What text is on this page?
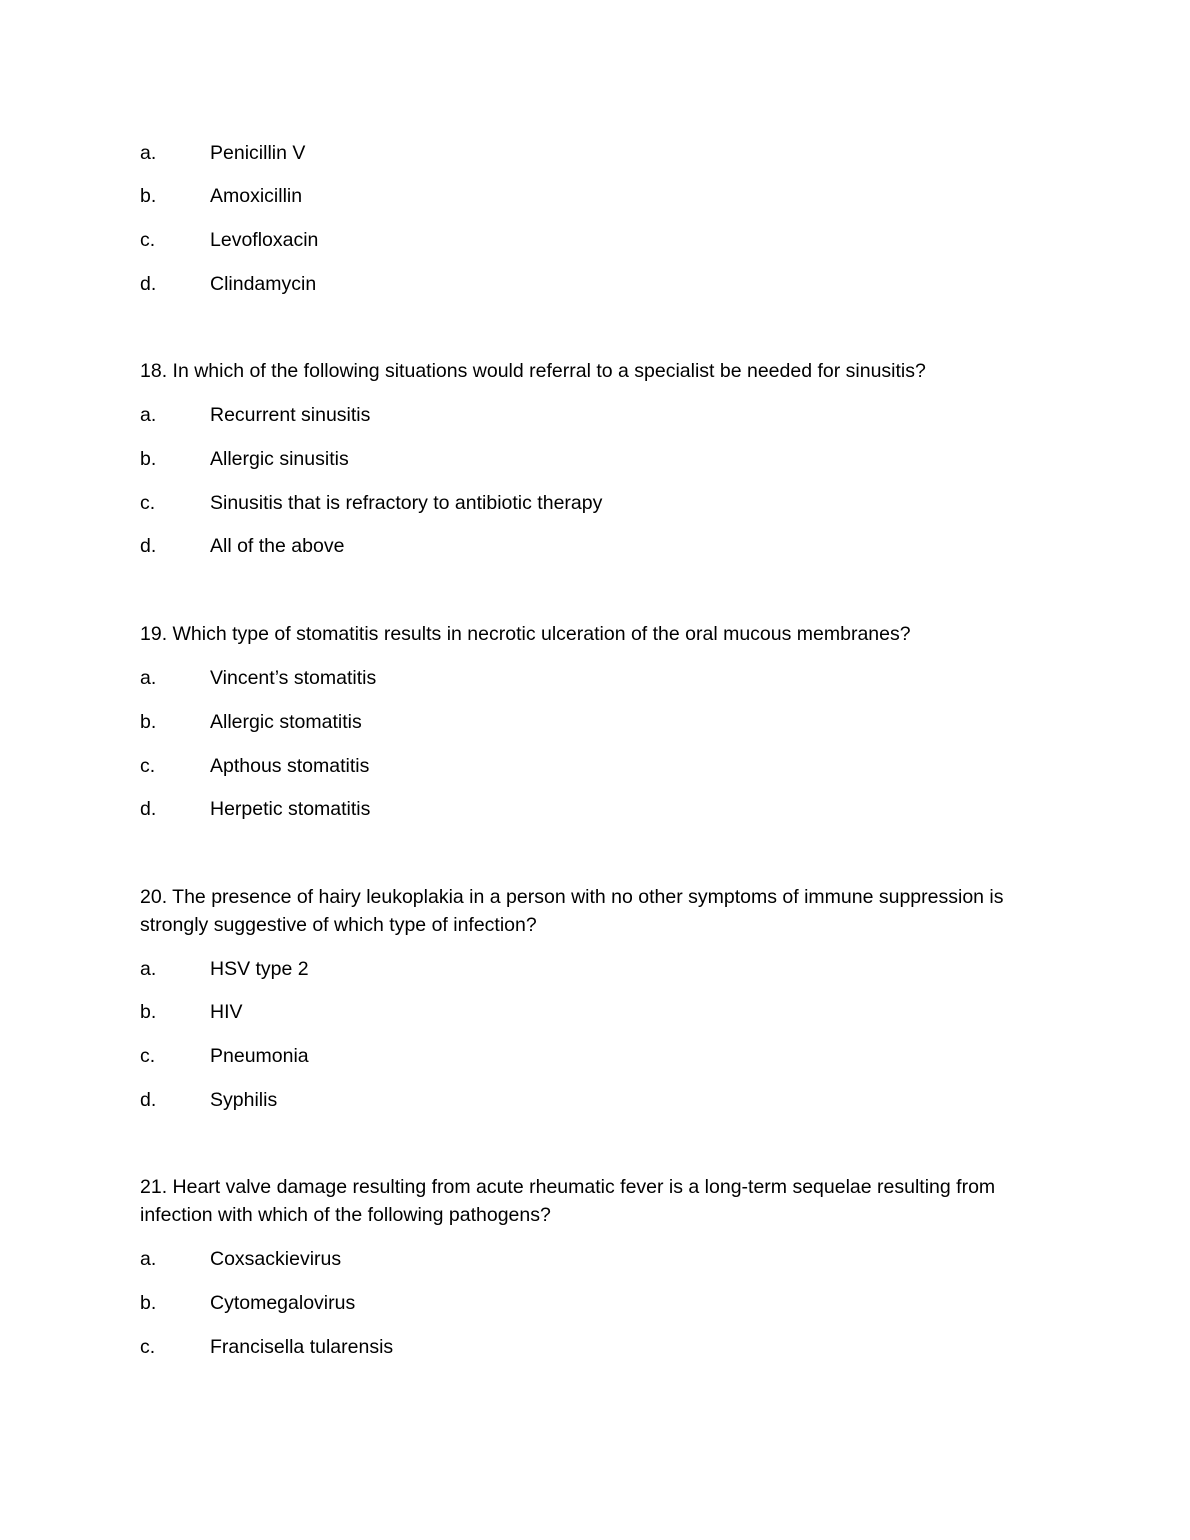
a.	Penicillin V
b.	Amoxicillin
c.	Levofloxacin
d.	Clindamycin
18. In which of the following situations would referral to a specialist be needed for sinusitis?
a.	Recurrent sinusitis
b.	Allergic sinusitis
c.	Sinusitis that is refractory to antibiotic therapy
d.	All of the above
19. Which type of stomatitis results in necrotic ulceration of the oral mucous membranes?
a.	Vincent’s stomatitis
b.	Allergic stomatitis
c.	Apthous stomatitis
d.	Herpetic stomatitis
20. The presence of hairy leukoplakia in a person with no other symptoms of immune suppression is strongly suggestive of which type of infection?
a.	HSV type 2
b.	HIV
c.	Pneumonia
d.	Syphilis
21. Heart valve damage resulting from acute rheumatic fever is a long-term sequelae resulting from infection with which of the following pathogens?
a.	Coxsackievirus
b.	Cytomegalovirus
c.	Francisella tularensis
